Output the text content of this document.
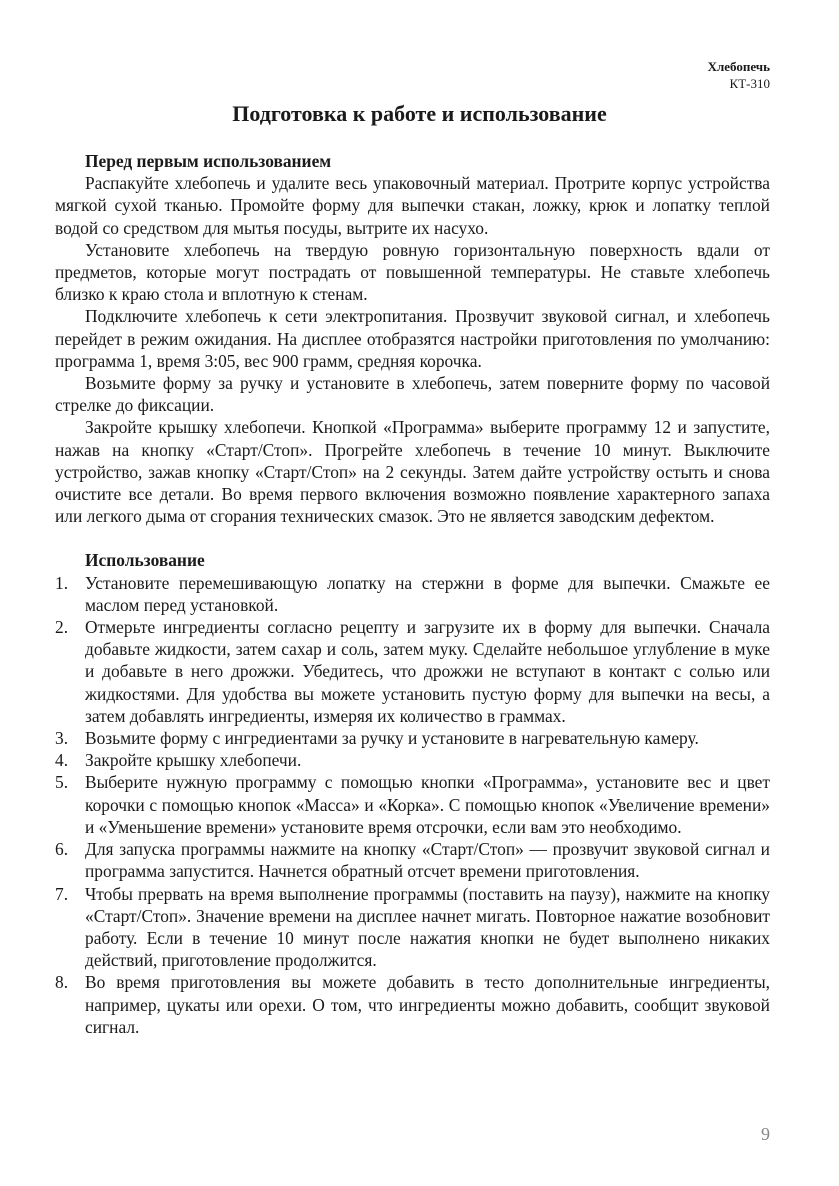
Хлебопечь
КТ-310
Подготовка к работе и использование
Перед первым использованием

Распакуйте хлебопечь и удалите весь упаковочный материал. Протрите корпус устройства мягкой сухой тканью. Промойте форму для выпечки стакан, ложку, крюк и лопатку теплой водой со средством для мытья посуды, вытрите их насухо.

Установите хлебопечь на твердую ровную горизонтальную поверхность вдали от предметов, которые могут пострадать от повышенной температуры. Не ставьте хлебопечь близко к краю стола и вплотную к стенам.

Подключите хлебопечь к сети электропитания. Прозвучит звуковой сигнал, и хлебопечь перейдет в режим ожидания. На дисплее отобразятся настройки приготовления по умолчанию: программа 1, время 3:05, вес 900 грамм, средняя корочка.

Возьмите форму за ручку и установите в хлебопечь, затем поверните форму по часовой стрелке до фиксации.

Закройте крышку хлебопечи. Кнопкой «Программа» выберите программу 12 и запустите, нажав на кнопку «Старт/Стоп». Прогрейте хлебопечь в течение 10 минут. Выключите устройство, зажав кнопку «Старт/Стоп» на 2 секунды. Затем дайте устройству остыть и снова очистите все детали. Во время первого включения возможно появление характерного запаха или легкого дыма от сгорания технических смазок. Это не является заводским дефектом.

Использование
1. Установите перемешивающую лопатку на стержни в форме для выпечки. Смажьте ее маслом перед установкой.
2. Отмерьте ингредиенты согласно рецепту и загрузите их в форму для выпечки. Сначала добавьте жидкости, затем сахар и соль, затем муку. Сделайте небольшое углубление в муке и добавьте в него дрожжи. Убедитесь, что дрожжи не вступают в контакт с солью или жидкостями. Для удобства вы можете установить пустую форму для выпечки на весы, а затем добавлять ингредиенты, измеряя их количество в граммах.
3. Возьмите форму с ингредиентами за ручку и установите в нагревательную камеру.
4. Закройте крышку хлебопечи.
5. Выберите нужную программу с помощью кнопки «Программа», установите вес и цвет корочки с помощью кнопок «Масса» и «Корка». С помощью кнопок «Увеличение времени» и «Уменьшение времени» установите время отсрочки, если вам это необходимо.
6. Для запуска программы нажмите на кнопку «Старт/Стоп» — прозвучит звуковой сигнал и программа запустится. Начнется обратный отсчет времени приготовления.
7. Чтобы прервать на время выполнение программы (поставить на паузу), нажмите на кнопку «Старт/Стоп». Значение времени на дисплее начнет мигать. Повторное нажатие возобновит работу. Если в течение 10 минут после нажатия кнопки не будет выполнено никаких действий, приготовление продолжится.
8. Во время приготовления вы можете добавить в тесто дополнительные ингредиенты, например, цукаты или орехи. О том, что ингредиенты можно добавить, сообщит звуковой сигнал.
9
